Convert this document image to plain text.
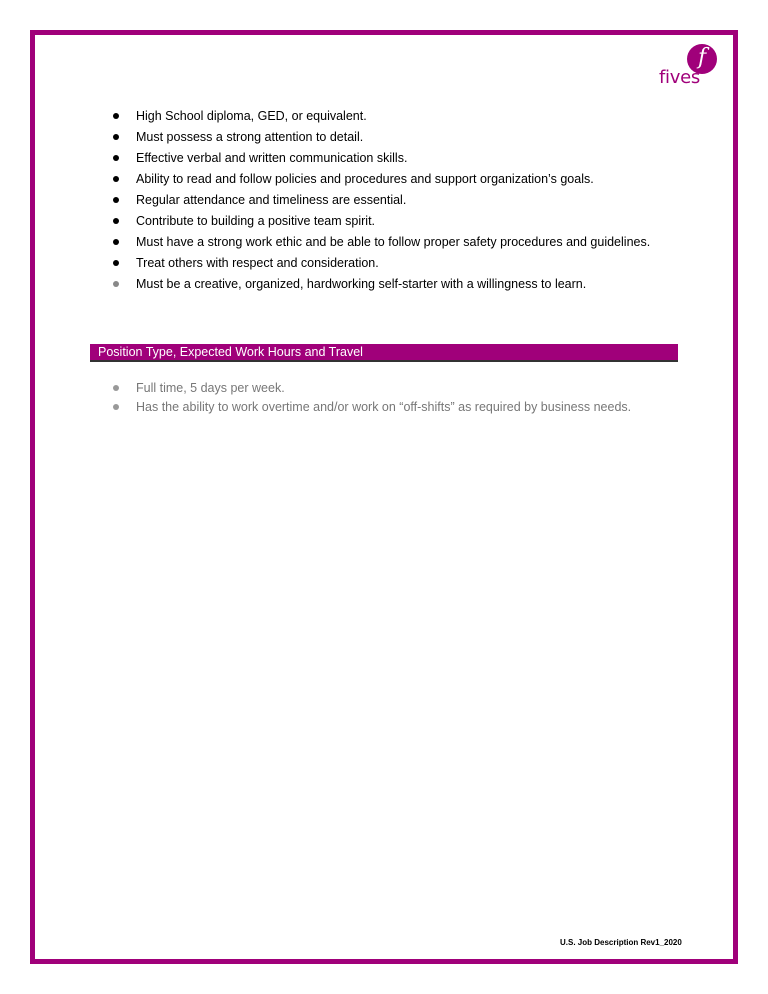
f
fives
High School diploma, GED, or equivalent.
Must possess a strong attention to detail.
Effective verbal and written communication skills.
Ability to read and follow policies and procedures and support organization’s goals.
Regular attendance and timeliness are essential.
Contribute to building a positive team spirit.
Must have a strong work ethic and be able to follow proper safety procedures and guidelines.
Treat others with respect and consideration.
Must be a creative, organized, hardworking self-starter with a willingness to learn.
Position Type, Expected Work Hours and Travel
Full time, 5 days per week.
Has the ability to work overtime and/or work on “off-shifts” as required by business needs.
U.S. Job Description Rev1_2020
